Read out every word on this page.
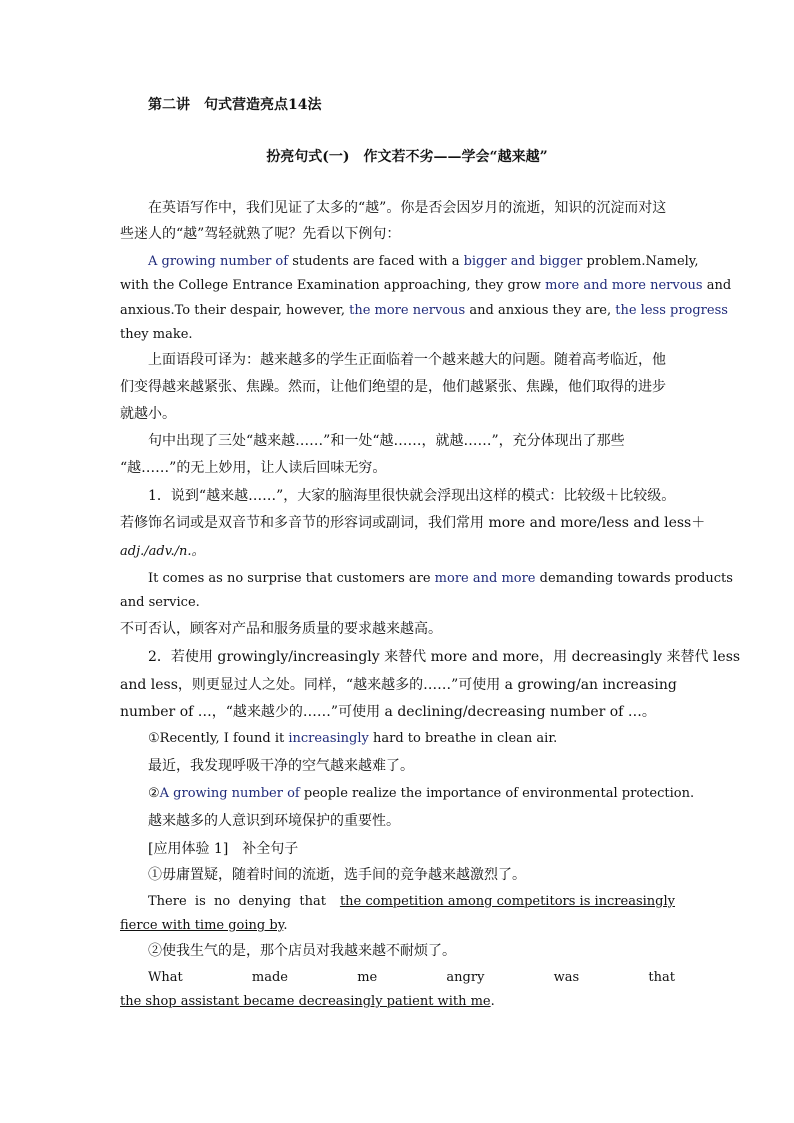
第二讲　句式营造亮点14法
扮亮句式(一)　作文若不劣——学会“越来越”
在英语写作中，我们见证了太多的“越”。你是否会因岁月的流逝，知识的沉淀而对这
些迷人的“越”驾轻就熟了呢？先看以下例句：
A growing number of students are faced with a bigger and bigger problem.Namely,
with the College Entrance Examination approaching, they grow more and more nervous and
anxious.To their despair, however, the more nervous and anxious they are, the less progress
they make.
上面语段可译为：越来越多的学生正面临着一个越来越大的问题。随着高考临近，他
们变得越来越紧张、焦躁。然而，让他们绝望的是，他们越紧张、焦躁，他们取得的进步
就越小。
句中出现了三处“越来越……”和一处“越……，就越……”，充分体现出了那些
“越……”的无上妙用，让人读后回味无穷。
1．说到“越来越……”，大家的脑海里很快就会浮现出这样的模式：比较级＋比较级。
若修饰名词或是双音节和多音节的形容词或副词，我们常用 more and more/less and less＋
adj./adv./n.。
It comes as no surprise that customers are more and more demanding towards products
and service.
不可否认，顾客对产品和服务质量的要求越来越高。
2．若使用 growingly/increasingly 来替代 more and more，用 decreasingly 来替代 less
and less，则更显过人之处。同样，“越来越多的……”可使用 a growing/an increasing
number of …，“越来越少的……”可使用 a declining/decreasing number of …。
①Recently, I found it increasingly hard to breathe in clean air.
最近，我发现呼吸干净的空气越来越难了。
②A growing number of people realize the importance of environmental protection.
越来越多的人意识到环境保护的重要性。
[应用体验 1]　补全句子
①毋庸置疑，随着时间的流逝，选手间的竞争越来越激烈了。
There is no denying that the competition among competitors is increasingly
fierce with time going by.
②使我生气的是，那个店员对我越来越不耐烦了。
What	made	me	angry	was	that
the shop assistant became decreasingly patient with me.
